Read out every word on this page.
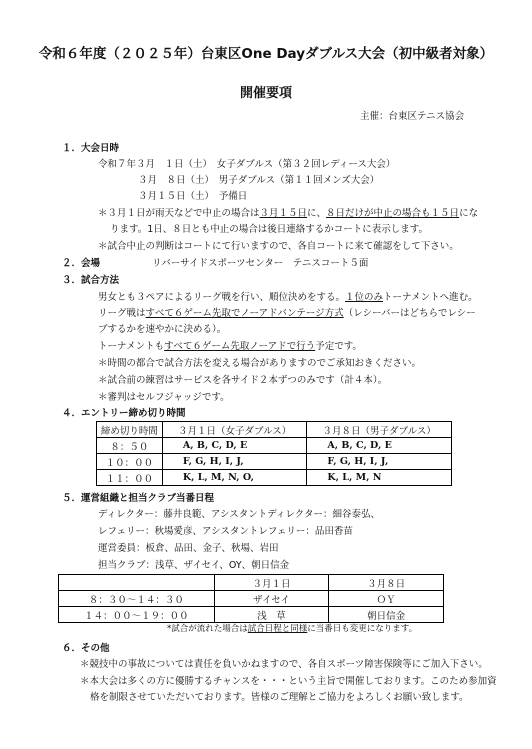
令和６年度（２０２５年）台東区One Dayダブルス大会（初中級者対象）
開催要項
主催：台東区テニス協会
１．大会日時
令和７年３月　１日（土）　女子ダブルス（第３２回レディース大会）
３月　８日（土）　男子ダブルス（第１１回メンズ大会）
３月１５日（土）　予備日
＊３月１日が雨天などで中止の場合は３月１５日に、８日だけが中止の場合も１５日にな
ります。1日、８日とも中止の場合は後日連絡するかコートに表示します。
＊試合中止の判断はコートにて行いますので、各自コートに来て確認をして下さい。
２．会場	リバーサイドスポーツセンター　テニスコート５面
３．試合方法
男女とも３ペアによるリーグ戦を行い、順位決めをする。１位のみトーナメントへ進む。
リーグ戦はすべて６ゲーム先取でノーアドバンテージ方式（レシーバーはどちらでレシー
ブするかを速やかに決める）。
トーナメントもすべて６ゲーム先取ノーアドで行う予定です。
＊時間の都合で試合方法を変える場合がありますのでご承知おきください。
＊試合前の練習はサービスを各サイド２本ずつのみです（計４本）。
＊審判はセルフジャッジです。
４．エントリー締め切り時間
締め切り時間	３月１日（女子ダブルス）	３月８日（男子ダブルス）
８：５０	A, B, C, D, E	A, B, C, D, E
１０：００	F, G, H, I, J,	F, G, H, I, J,
１１：００	K, L, M, N, O,	K, L, M, N
５．運営組織と担当クラブ当番日程
ディレクター：藤井良範、アシスタントディレクター：細谷泰弘、
レフェリー：秋場愛彦、アシスタントレフェリー：品田香苗
運営委員：板倉、品田、金子、秋場、岩田
担当クラブ：浅草、ザイセイ、OY、朝日信金
	３月１日	３月８日
８：３０～１４：３０	ザイセイ	ＯＹ
１４：００～１９：００	浅　草	朝日信金
*試合が流れた場合は試合日程と同様に当番日も変更になります。
６．その他
＊競技中の事故については責任を負いかねますので、各自スポーツ障害保険等にご加入下さい。
＊本大会は多くの方に優勝するチャンスを・・・という主旨で開催しております。このため参加資
格を制限させていただいております。皆様のご理解とご協力をよろしくお願い致します。
